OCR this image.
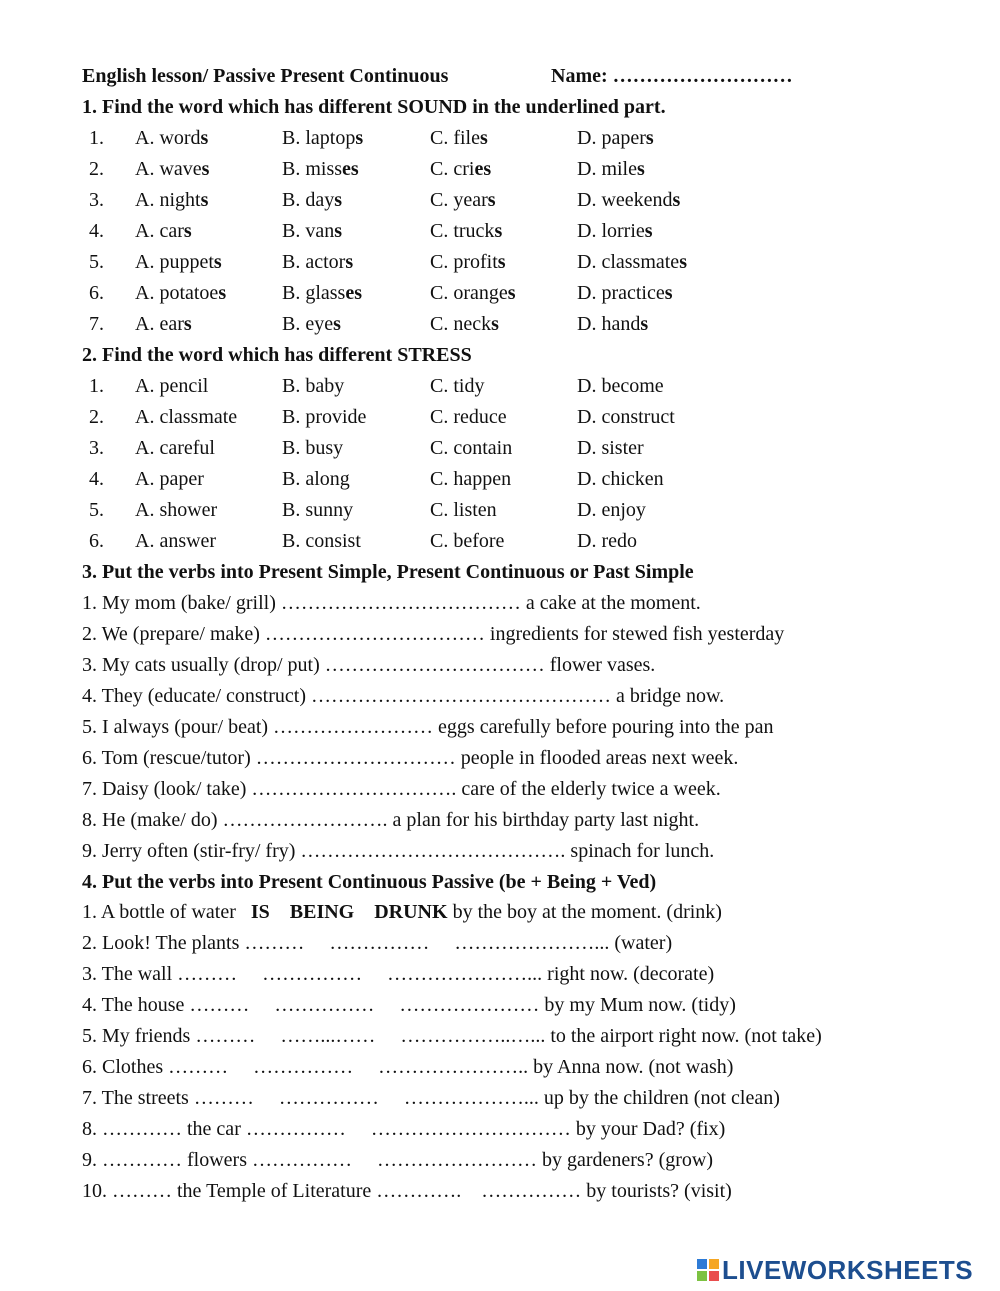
English lesson/ Passive Present Continuous	Name: ………………………
1. Find the word which has different SOUND in the underlined part.
1.	A. words	B. laptops	C. files	D. papers
2.	A. waves	B. misses	C. cries	D. miles
3.	A. nights	B. days	C. years	D. weekends
4.	A. cars	B. vans	C. trucks	D. lorries
5.	A. puppets	B. actors	C. profits	D. classmates
6.	A. potatoes	B. glasses	C. oranges	D. practices
7.	A. ears	B. eyes	C. necks	D. hands
2. Find the word which has different STRESS
1.	A. pencil	B. baby	C. tidy	D. become
2.	A. classmate B. provide	C. reduce	D. construct
3.	A. careful	B. busy	C. contain	D. sister
4.	A. paper	B. along	C. happen	D. chicken
5.	A. shower	B. sunny	C. listen	D. enjoy
6.	A. answer	B. consist	C. before	D. redo
3. Put the verbs into Present Simple, Present Continuous or Past Simple
1. My mom (bake/ grill) ……………………………… a cake at the moment.
2. We (prepare/ make) …………………………… ingredients for stewed fish yesterday
3. My cats usually (drop/ put) …………………………… flower vases.
4. They (educate/ construct) ……………………………………… a bridge now.
5. I always (pour/ beat) …………………… eggs carefully before pouring into the pan
6. Tom (rescue/tutor) ………………………… people in flooded areas next week.
7. Daisy (look/ take) …………………………. care of the elderly twice a week.
8. He (make/ do) ……………………. a plan for his birthday party last night.
9. Jerry often (stir-fry/ fry) …………………………………. spinach for lunch.
4. Put the verbs into Present Continuous Passive (be + Being + Ved)
1. A bottle of water   IS    BEING    DRUNK by the boy at the moment. (drink)
2. Look! The plants ………     ……………     …………………... (water)
3. The wall ………     ……………     …………………... right now. (decorate)
4. The house ………     ……………     ………………… by my Mum now. (tidy)
5. My friends ………     ……...……     ……………..…... to the airport right now. (not take)
6. Clothes ………     ……………     ………………….. by Anna now. (not wash)
7. The streets ………     ……………     ………………... up by the children (not clean)
8. ………… the car ……………     ………………………… by your Dad? (fix)
9. ………… flowers ……………     …………………… by gardeners? (grow)
10. ……… the Temple of Literature ………….    …………… by tourists? (visit)
LIVEWORKSHEETS
